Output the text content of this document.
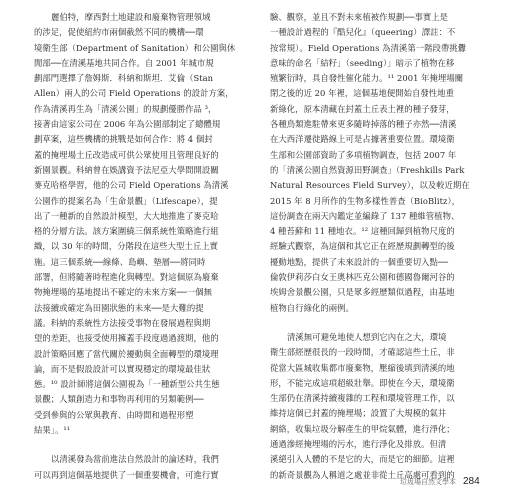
麗伯特，摩西對土地建設和廢棄物管理領域
的涉足，促使紐約市兩個截然不同的機構──環
境衛生部（Department of Sanitation）和公園與休
閒部──在清溪基地共同合作。自 2001 年城市規
劃部門選擇了詹姆斯．科納和斯坦．艾倫（Stan
Allen）兩人的公司 Field Operations 的設計方案，
作為清溪再生為「清溪公園」的規劃優勝作品 ³，
接著由這家公司在 2006 年為公園部制定了總體規
劃草案，這些機構的挑戰是如何合作：將 4 個封
蓋的掩埋場土丘改造成可供公眾使用且管理良好的
新園景觀。科納曾在娛講資予法尼亞大學間開設關
麥克哈格學習，他的公司 Field Operations 為清溪
公園作的提案名為「生命景觀」（Lifescape），提
出了一種新的自然設計模型，大大地推進了麥克哈
格的分層方法。該方案圍繞三個系統性策略進行組
織，以 30 年的時間，分階段在這些大型土丘上實
施。這三個系統──線條、島嶼、墊層──將同時
部署，但將隨著時程進化與轉型。對這個原為廢棄
物掩埋場的基地提出不確定的未來方案──一個無
法接續或確定為田園狀態的未來──是大難的提
議。科納的系統性方法接受事物在發展過程與期
望的差距，也接受使用擁蓋手段度過過渡期，他的
設計策略回應了當代關於擾動與全面轉型的環境理
論，而不是假設設計可以實現穩定的環境最佳狀
態。¹⁰ 設計師將這個公園視為「一種新型公共生態
景觀；人類創造力和事物再利用的另類範例──
受到參與的公眾與教育、由時間和過程形塑
結果」。¹¹

以清溪發為當前進法自然設計的論述時，我們
可以再到這個基地提供了一個重要機會，可進行實

驗、觀察，並且不對未來植被作規劃──事實上是
一種設計過程的『酷兒化』（queering）譯註：不
按常規）。Field Operations 為清溪第一階段帶挑釁
意味的命名「結籽」（seeding）」暗示了植物在移
殖繁衍時，具自發性催化能力。¹¹ 2001 年掩埋場關
閉之後的近 20 年裡，這個基地便開始自發性地重
新綠化，原本清藏在封蓋土丘表土裡的種子發芽，
各種鳥類進駐帶來更多隨時掉落的種子亦然──清溪
在大西洋遷徙路線上可是占據著重要位置。環境衛
生部和公園部資助了多項植物調查，包括 2007 年
的「清溪公園自然資源田野調查」（Freshkills Park
Natural Resources Field Survey），以及較近期在
2015 年 8 月所作的生物多樣性普查（BioBlitz），
這份調查在兩天內鑑定並編錄了 137 種維管植物、
4 種苔蘚和 11 種地衣。¹² 這種回歸到植物尺度的
經驗式觀察，為這個和其它正在經歷規劃轉型的後
擾動地點，提供了未來設計的一個重要切入點──
倫敦伊莉莎白女王奧林匹克公園和德國魯爾河谷的
埃姆舍景觀公園，只是眾多經歷類似過程，由基地
植物自行綠化的兩例。

清溪無可避免地使人想到它內在之大，環境
衛生部經歷很長的一段時間，才確認這些土丘，非
從當大區城收集都市廢棄物，壓縮後填到清溪的地
形，不能完成這項超級壯舉。即使在今天，環境衛
生部仍在清溪持續複雜的工程和環境管理工作，以
維持這個已封蓋的掩埋場；設置了大規模的氣井
網絡，收集垃圾分解產生的甲烷氣體，進行淨化；
通過滲經掩埋場的污水，進行淨化及排放。但清
溪絕引入人體的不是它的大，而是它的細節。這裡
的新奇景觀為人稱道之處並非從土丘高處可看到的

垃圾場自然文學本 284
